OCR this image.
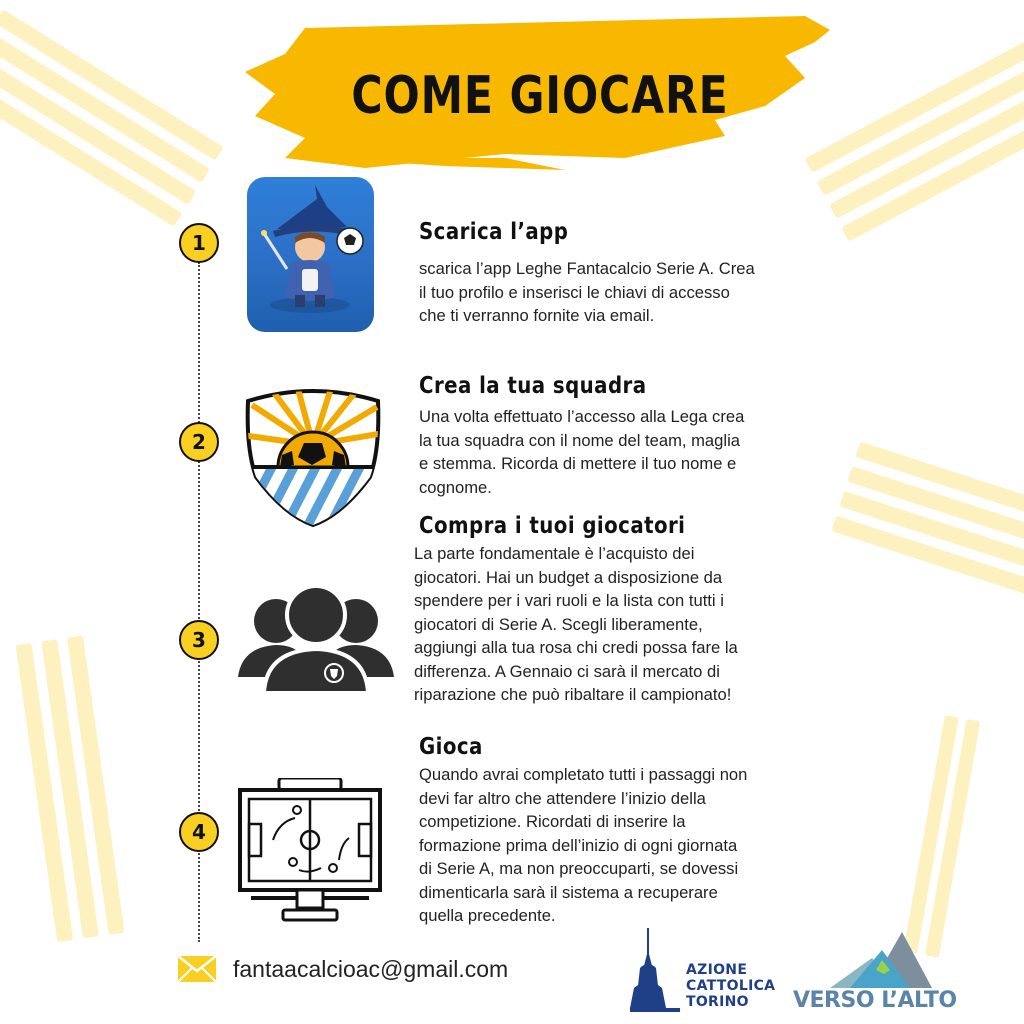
COME GIOCARE
1
2
3
4
Scarica l’app
scarica l’app Leghe Fantacalcio Serie A. Crea
il tuo profilo e inserisci le chiavi di accesso
che ti verranno fornite via email.
Crea la tua squadra
Una volta effettuato l’accesso alla Lega crea
la tua squadra con il nome del team, maglia
e stemma. Ricorda di mettere il tuo nome e
cognome.
Compra i tuoi giocatori
La parte fondamentale è l’acquisto dei
giocatori. Hai un budget a disposizione da
spendere per i vari ruoli e la lista con tutti i
giocatori di Serie A. Scegli liberamente,
aggiungi alla tua rosa chi credi possa fare la
differenza. A Gennaio ci sarà il mercato di
riparazione che può ribaltare il campionato!
Gioca
Quando avrai completato tutti i passaggi non
devi far altro che attendere l’inizio della
competizione. Ricordati di inserire la
formazione prima dell’inizio di ogni giornata
di Serie A, ma non preoccuparti, se dovessi
dimenticarla sarà il sistema a recuperare
quella precedente.
fantaacalcioac@gmail.com	AZIONE
CATTOLICA
TORINO	VERSO L’ALTO
